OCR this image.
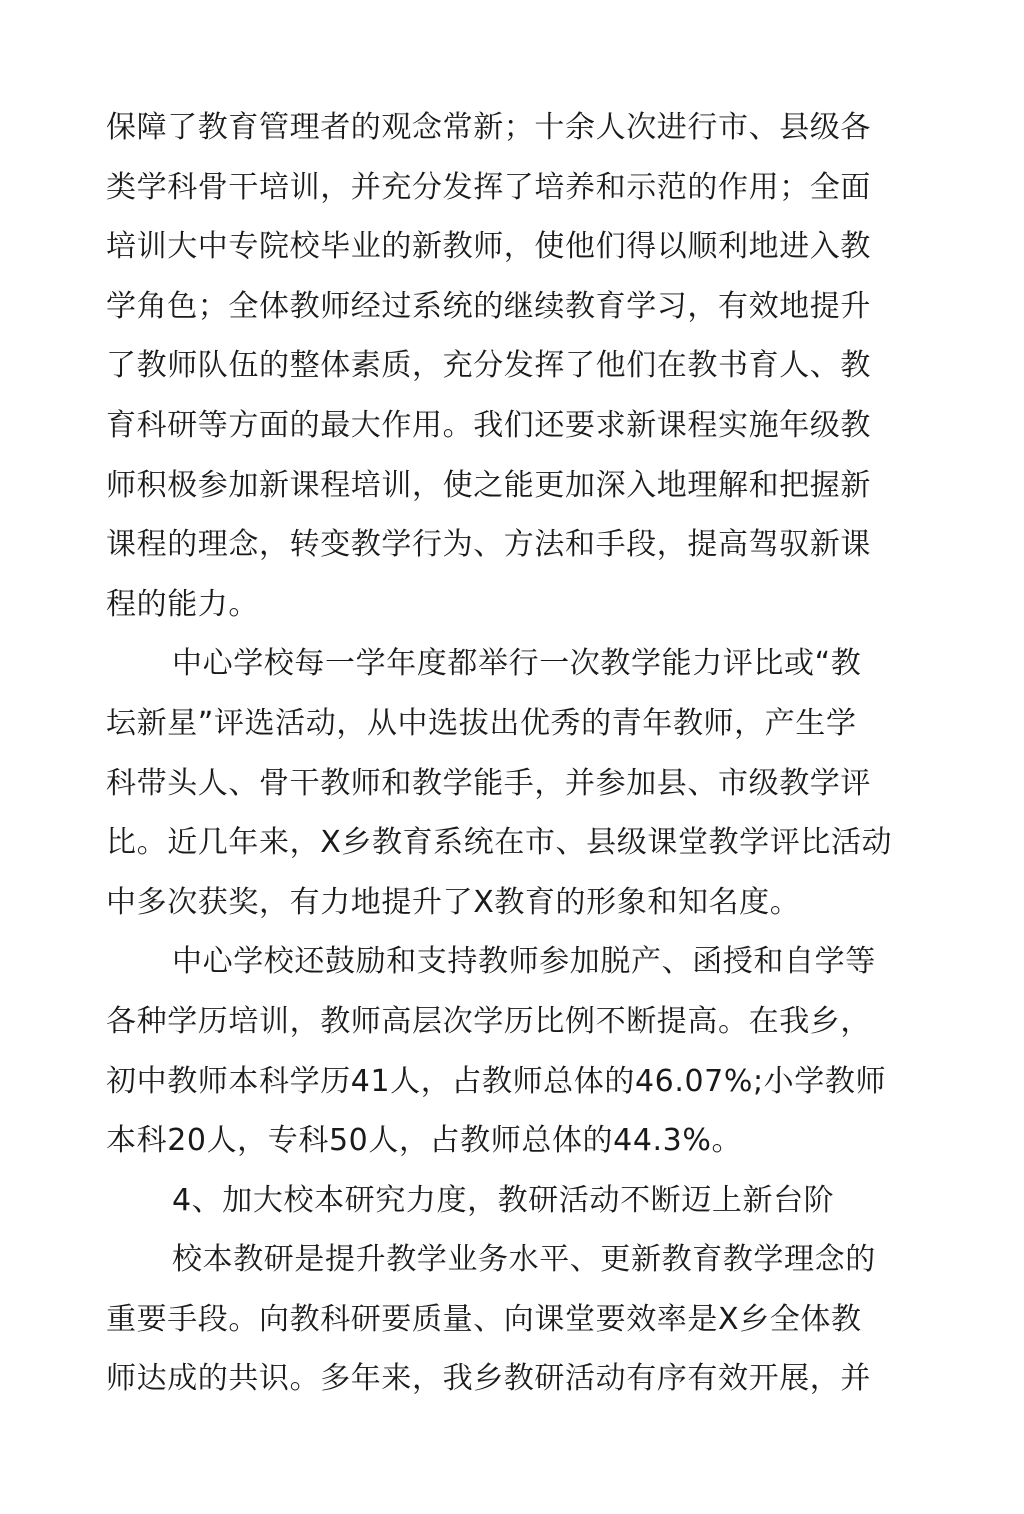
保障了教育管理者的观念常新；十余人次进行市、县级各
类学科骨干培训，并充分发挥了培养和示范的作用；全面
培训大中专院校毕业的新教师，使他们得以顺利地进入教
学角色；全体教师经过系统的继续教育学习，有效地提升
了教师队伍的整体素质，充分发挥了他们在教书育人、教
育科研等方面的最大作用。我们还要求新课程实施年级教
师积极参加新课程培训，使之能更加深入地理解和把握新
课程的理念，转变教学行为、方法和手段，提高驾驭新课
程的能力。
中心学校每一学年度都举行一次教学能力评比或“教
坛新星”评选活动，从中选拔出优秀的青年教师，产生学
科带头人、骨干教师和教学能手，并参加县、市级教学评
比。近几年来，X乡教育系统在市、县级课堂教学评比活动
中多次获奖，有力地提升了X教育的形象和知名度。
中心学校还鼓励和支持教师参加脱产、函授和自学等
各种学历培训，教师高层次学历比例不断提高。在我乡，
初中教师本科学历41人，占教师总体的46.07%;小学教师
本科20人，专科50人，占教师总体的44.3%。
4、加大校本研究力度，教研活动不断迈上新台阶
校本教研是提升教学业务水平、更新教育教学理念的
重要手段。向教科研要质量、向课堂要效率是X乡全体教
师达成的共识。多年来，我乡教研活动有序有效开展，并
